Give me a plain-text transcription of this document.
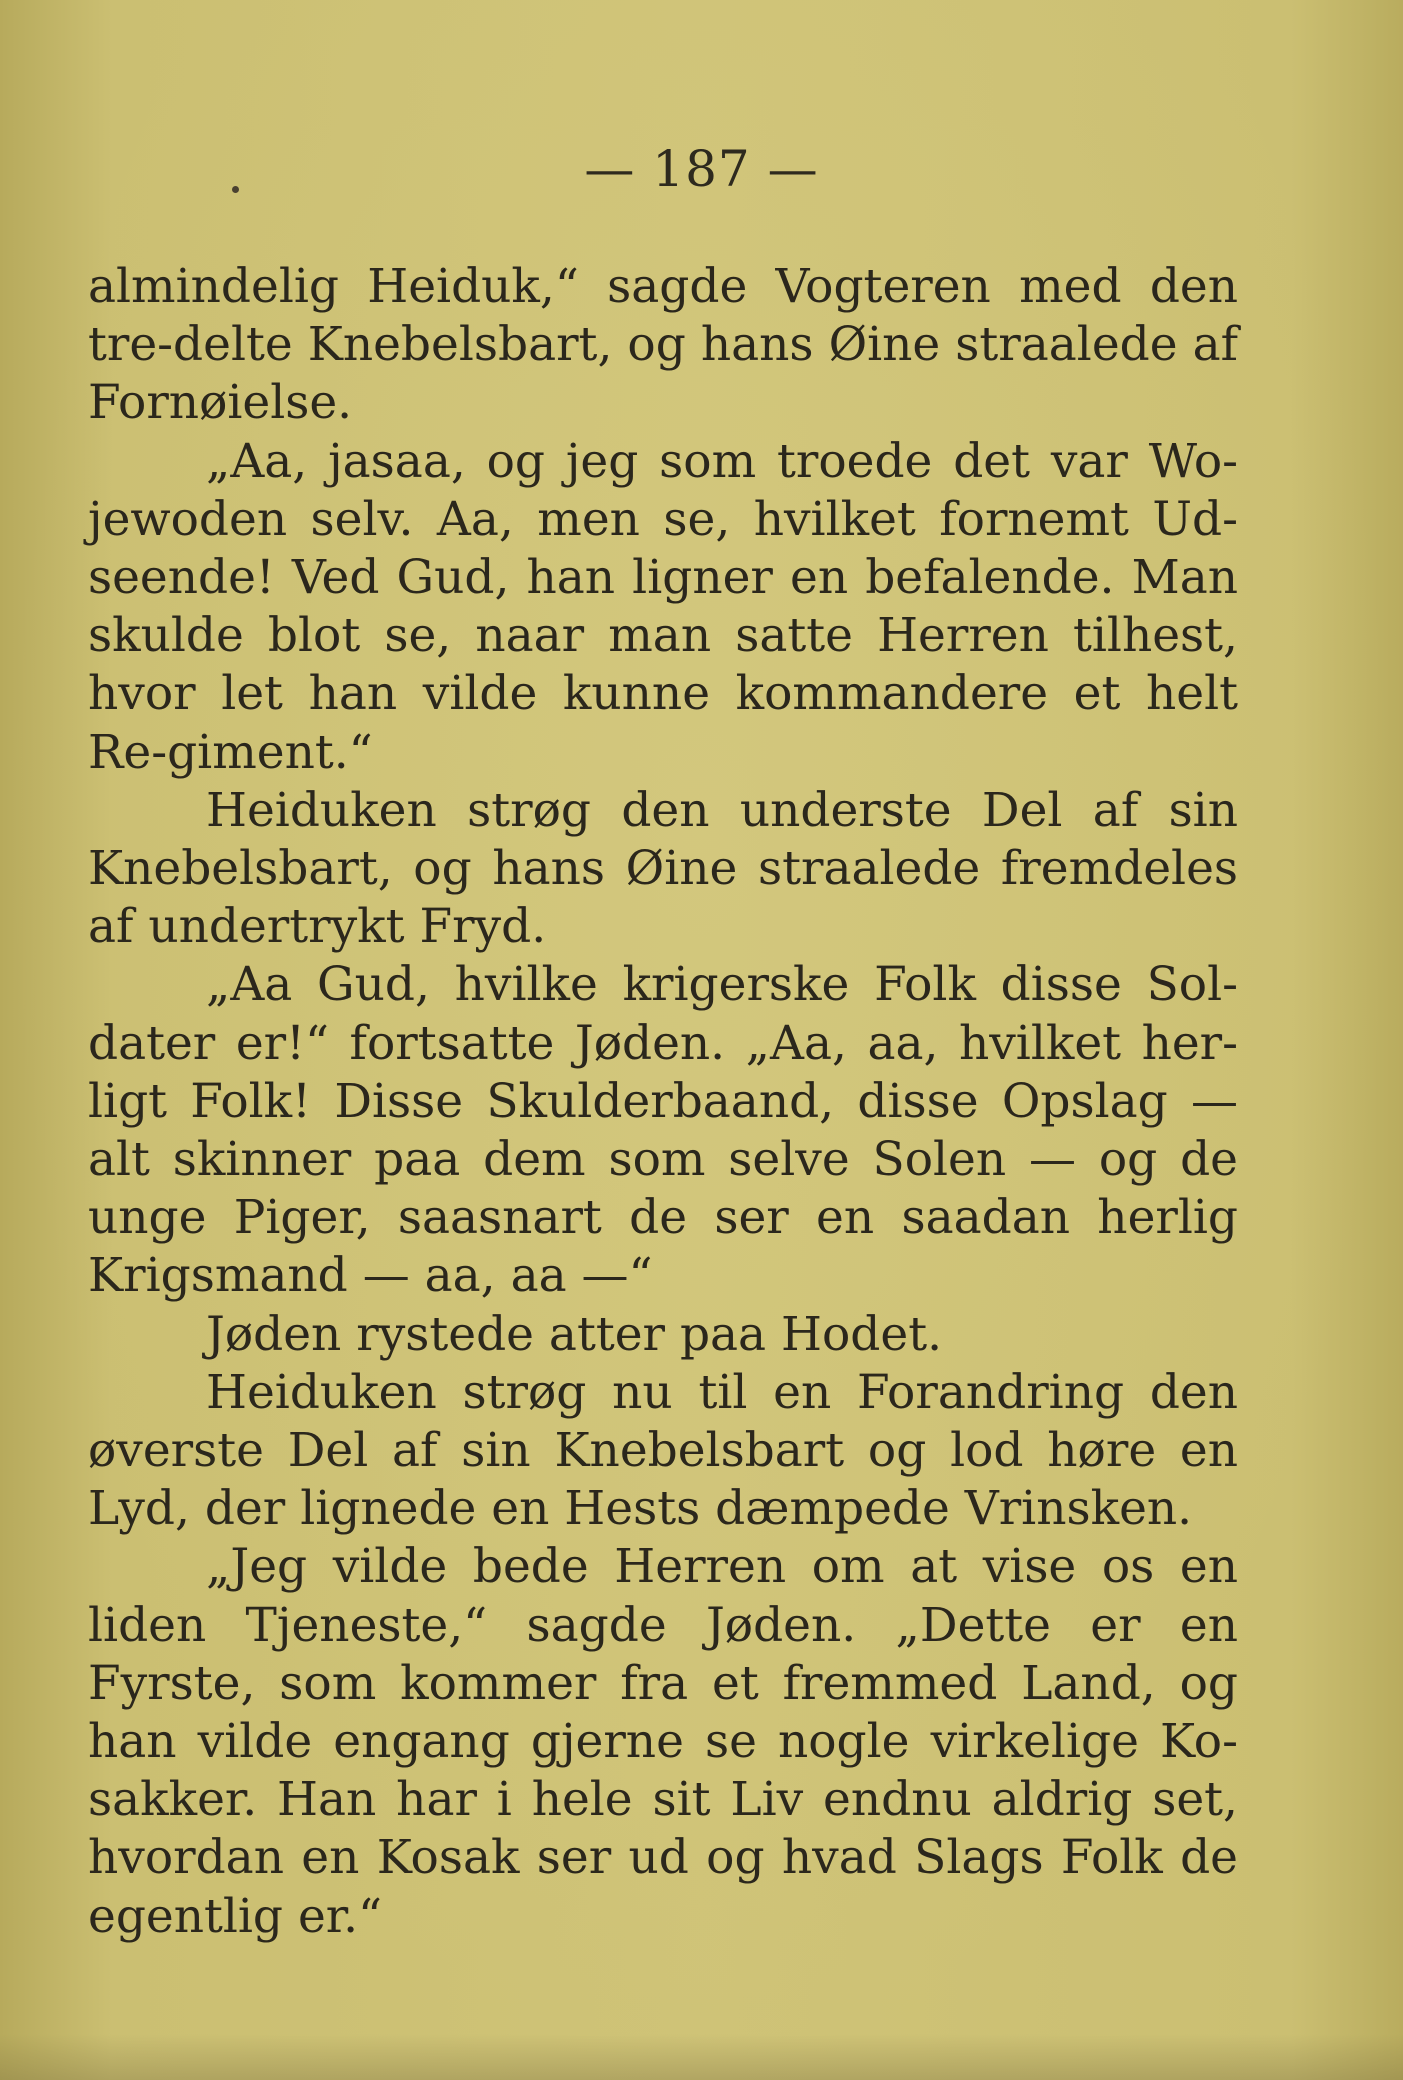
— 187 —

almindelig Heiduk,“ sagde Vogteren med den tre-delte Knebelsbart, og hans Øine straalede af Fornøielse.

„Aa, jasaa, og jeg som troede det var Wo-jewoden selv. Aa, men se, hvilket fornemt Ud-seende! Ved Gud, han ligner en befalende. Man skulde blot se, naar man satte Herren tilhest, hvor let han vilde kunne kommandere et helt Re-giment.“

Heiduken strøg den underste Del af sin Knebelsbart, og hans Øine straalede fremdeles af undertrykt Fryd.

„Aa Gud, hvilke krigerske Folk disse Sol-dater er!“ fortsatte Jøden. „Aa, aa, hvilket her-ligt Folk! Disse Skulderbaand, disse Opslag — alt skinner paa dem som selve Solen — og de unge Piger, saasnart de ser en saadan herlig Krigsmand — aa, aa —“

Jøden rystede atter paa Hodet.

Heiduken strøg nu til en Forandring den øverste Del af sin Knebelsbart og lod høre en Lyd, der lignede en Hests dæmpede Vrinsken.

„Jeg vilde bede Herren om at vise os en liden Tjeneste,“ sagde Jøden. „Dette er en Fyrste, som kommer fra et fremmed Land, og han vilde engang gjerne se nogle virkelige Ko-sakker. Han har i hele sit Liv endnu aldrig set, hvordan en Kosak ser ud og hvad Slags Folk de egentlig er.“
